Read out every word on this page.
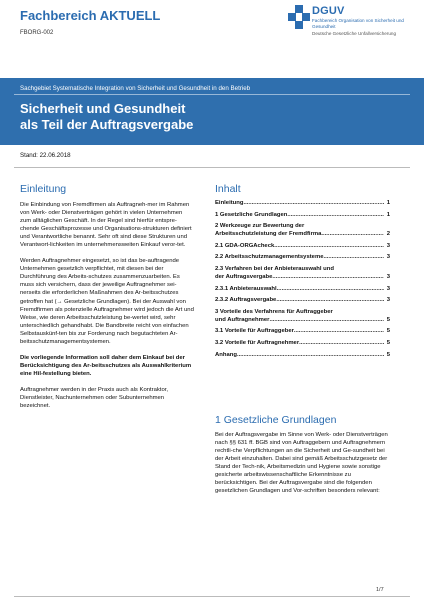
Fachbereich AKTUELL
FBORG-002
DGUV
Fachbereich Organisation von Sicherheit und Gesundheit
Deutsche Gesetzliche Unfallversicherung
Sachgebiet Systematische Integration von Sicherheit und Gesundheit in den Betrieb
Sicherheit und Gesundheit
als Teil der Auftragsvergabe
Stand: 22.06.2018
Einleitung

Die Einbindung von Fremdfirmen als Auftragneh-mer im Rahmen von Werk- oder Dienstverträgen gehört in vielen Unternehmen zum alltäglichen Geschäft. In der Regel sind hierfür entspre-chende Geschäftsprozesse und Organisations-strukturen definiert und Verantwortliche benannt. Sehr oft sind diese Strukturen und Verantwort-lichkeiten im unternehmensweiten Einkauf veror-tet.

Werden Auftragnehmer eingesetzt, so ist das be-auftragende Unternehmen gesetzlich verpflichtet, mit diesen bei der Durchführung des Arbeits-schutzes zusammenzuarbeiten. Es muss sich versichern, dass der jeweilige Auftragnehmer sei-nerseits die erforderlichen Maßnahmen des Ar-beitsschutzes getroffen hat (→ Gesetzliche Grundlagen). Bei der Auswahl von Fremdfirmen als potenzielle Auftragnehmer wird jedoch die Art und Weise, wie deren Arbeitsschutzleistung be-wertet wird, sehr unterschiedlich gehandhabt. Die Bandbreite reicht von einfachen Selbstauskünf-ten bis zur Forderung nach begutachteten Ar-beitsschutzmanagementsystemen.

Die vorliegende Information soll daher dem Einkauf bei der Berücksichtigung des Ar-beitsschutzes als Auswahlkriterium eine Hil-festellung bieten.

Auftragnehmer werden in der Praxis auch als Kontraktor, Dienstleister, Nachunternehmen oder Subunternehmen bezeichnet.

Inhalt
Einleitung .....	1
1 Gesetzliche Grundlagen .....	1
2 Werkzeuge zur Bewertung der
Arbeitsschutzleistung der Fremdfirma .....	2
2.1 GDA-ORGAcheck .....	3
2.2 Arbeitsschutzmanagementsysteme .....	3
2.3 Verfahren bei der Anbieterauswahl und
der Auftragsvergabe .....	3
2.3.1 Anbieterauswahl .....	3
2.3.2 Auftragsvergabe .....	3
3 Vorteile des Verfahrens für Auftraggeber
und Auftragnehmer .....	5
3.1 Vorteile für Auftraggeber .....	5
3.2 Vorteile für Auftragnehmer .....	5
Anhang .....	5
1 Gesetzliche Grundlagen

Bei der Auftragsvergabe im Sinne von Werk- oder Dienstverträgen nach §§ 631 ff. BGB sind von Auftraggebern und Auftragnehmern rechtli-che Verpflichtungen an die Sicherheit und Ge-sundheit bei der Arbeit einzuhalten. Dabei sind gemäß Arbeitsschutzgesetz der Stand der Tech-nik, Arbeitsmedizin und Hygiene sowie sonstige gesicherte arbeitswissenschaftliche Erkenntnisse zu berücksichtigen. Bei der Auftragsvergabe sind die folgenden gesetzlichen Grundlagen und Vor-schriften besonders relevant:

1/7
